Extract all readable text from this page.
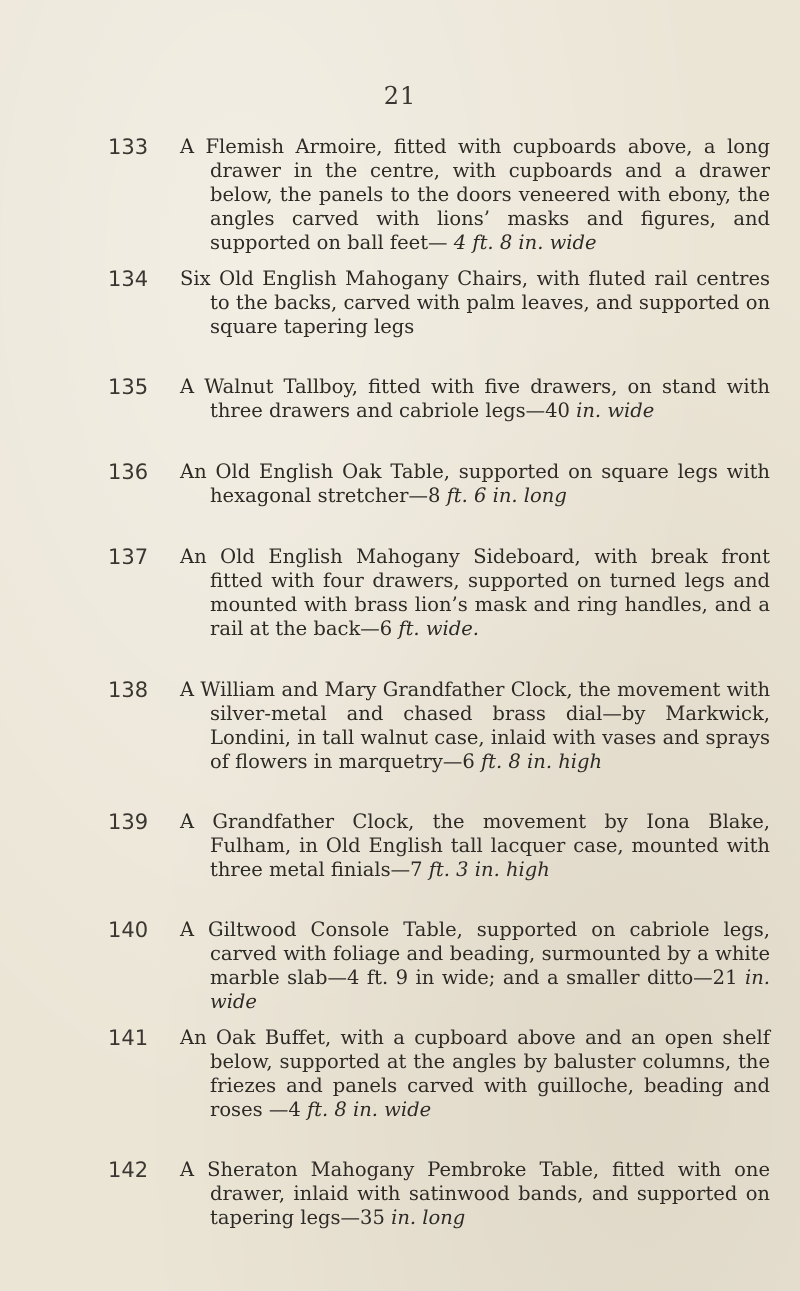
21
133	A Flemish Armoire, fitted with cupboards above, a long drawer in the centre, with cupboards and a drawer below, the panels to the doors veneered with ebony, the angles carved with lions’ masks and figures, and supported on ball feet— 4 ft. 8 in. wide
134	Six Old English Mahogany Chairs, with fluted rail centres to the backs, carved with palm leaves, and supported on square tapering legs
135	A Walnut Tallboy, fitted with five drawers, on stand with three drawers and cabriole legs—40 in. wide
136	An Old English Oak Table, supported on square legs with hexagonal stretcher—8 ft. 6 in. long
137	An Old English Mahogany Sideboard, with break front fitted with four drawers, supported on turned legs and mounted with brass lion’s mask and ring handles, and a rail at the back—6 ft. wide.
138	A William and Mary Grandfather Clock, the movement with silver-metal and chased brass dial—by Markwick, Londini, in tall walnut case, inlaid with vases and sprays of flowers in marquetry—6 ft. 8 in. high
139	A Grandfather Clock, the movement by Iona Blake, Fulham, in Old English tall lacquer case, mounted with three metal finials—7 ft. 3 in. high
140	A Giltwood Console Table, supported on cabriole legs, carved with foliage and beading, surmounted by a white marble slab—4 ft. 9 in wide; and a smaller ditto—21 in. wide
141	An Oak Buffet, with a cupboard above and an open shelf below, supported at the angles by baluster columns, the friezes and panels carved with guilloche, beading and roses —4 ft. 8 in. wide
142	A Sheraton Mahogany Pembroke Table, fitted with one drawer, inlaid with satinwood bands, and supported on tapering legs—35 in. long
